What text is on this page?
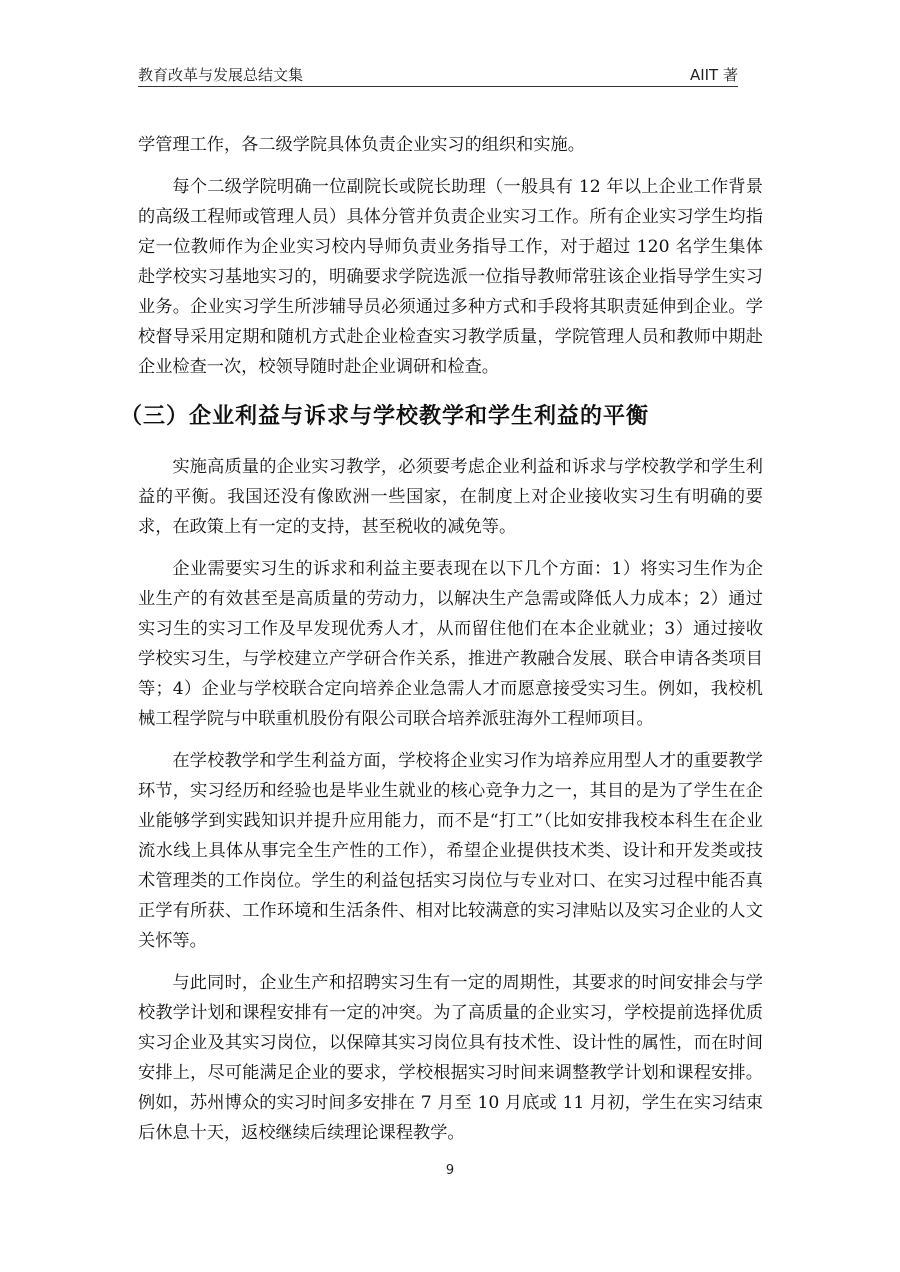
教育改革与发展总结文集	AIIT 著

学管理工作，各二级学院具体负责企业实习的组织和实施。

每个二级学院明确一位副院长或院长助理（一般具有 12 年以上企业工作背景的高级工程师或管理人员）具体分管并负责企业实习工作。所有企业实习学生均指定一位教师作为企业实习校内导师负责业务指导工作，对于超过 120 名学生集体赴学校实习基地实习的，明确要求学院选派一位指导教师常驻该企业指导学生实习业务。企业实习学生所涉辅导员必须通过多种方式和手段将其职责延伸到企业。学校督导采用定期和随机方式赴企业检查实习教学质量，学院管理人员和教师中期赴企业检查一次，校领导随时赴企业调研和检查。

（三）企业利益与诉求与学校教学和学生利益的平衡

实施高质量的企业实习教学，必须要考虑企业利益和诉求与学校教学和学生利益的平衡。我国还没有像欧洲一些国家，在制度上对企业接收实习生有明确的要求，在政策上有一定的支持，甚至税收的减免等。

企业需要实习生的诉求和利益主要表现在以下几个方面：1）将实习生作为企业生产的有效甚至是高质量的劳动力，以解决生产急需或降低人力成本；2）通过实习生的实习工作及早发现优秀人才，从而留住他们在本企业就业；3）通过接收学校实习生，与学校建立产学研合作关系，推进产教融合发展、联合申请各类项目等；4）企业与学校联合定向培养企业急需人才而愿意接受实习生。例如，我校机械工程学院与中联重机股份有限公司联合培养派驻海外工程师项目。

在学校教学和学生利益方面，学校将企业实习作为培养应用型人才的重要教学环节，实习经历和经验也是毕业生就业的核心竞争力之一，其目的是为了学生在企业能够学到实践知识并提升应用能力，而不是“打工”（比如安排我校本科生在企业流水线上具体从事完全生产性的工作），希望企业提供技术类、设计和开发类或技术管理类的工作岗位。学生的利益包括实习岗位与专业对口、在实习过程中能否真正学有所获、工作环境和生活条件、相对比较满意的实习津贴以及实习企业的人文关怀等。

与此同时，企业生产和招聘实习生有一定的周期性，其要求的时间安排会与学校教学计划和课程安排有一定的冲突。为了高质量的企业实习，学校提前选择优质实习企业及其实习岗位，以保障其实习岗位具有技术性、设计性的属性，而在时间安排上，尽可能满足企业的要求，学校根据实习时间来调整教学计划和课程安排。例如，苏州博众的实习时间多安排在 7 月至 10 月底或 11 月初，学生在实习结束后休息十天，返校继续后续理论课程教学。

9
